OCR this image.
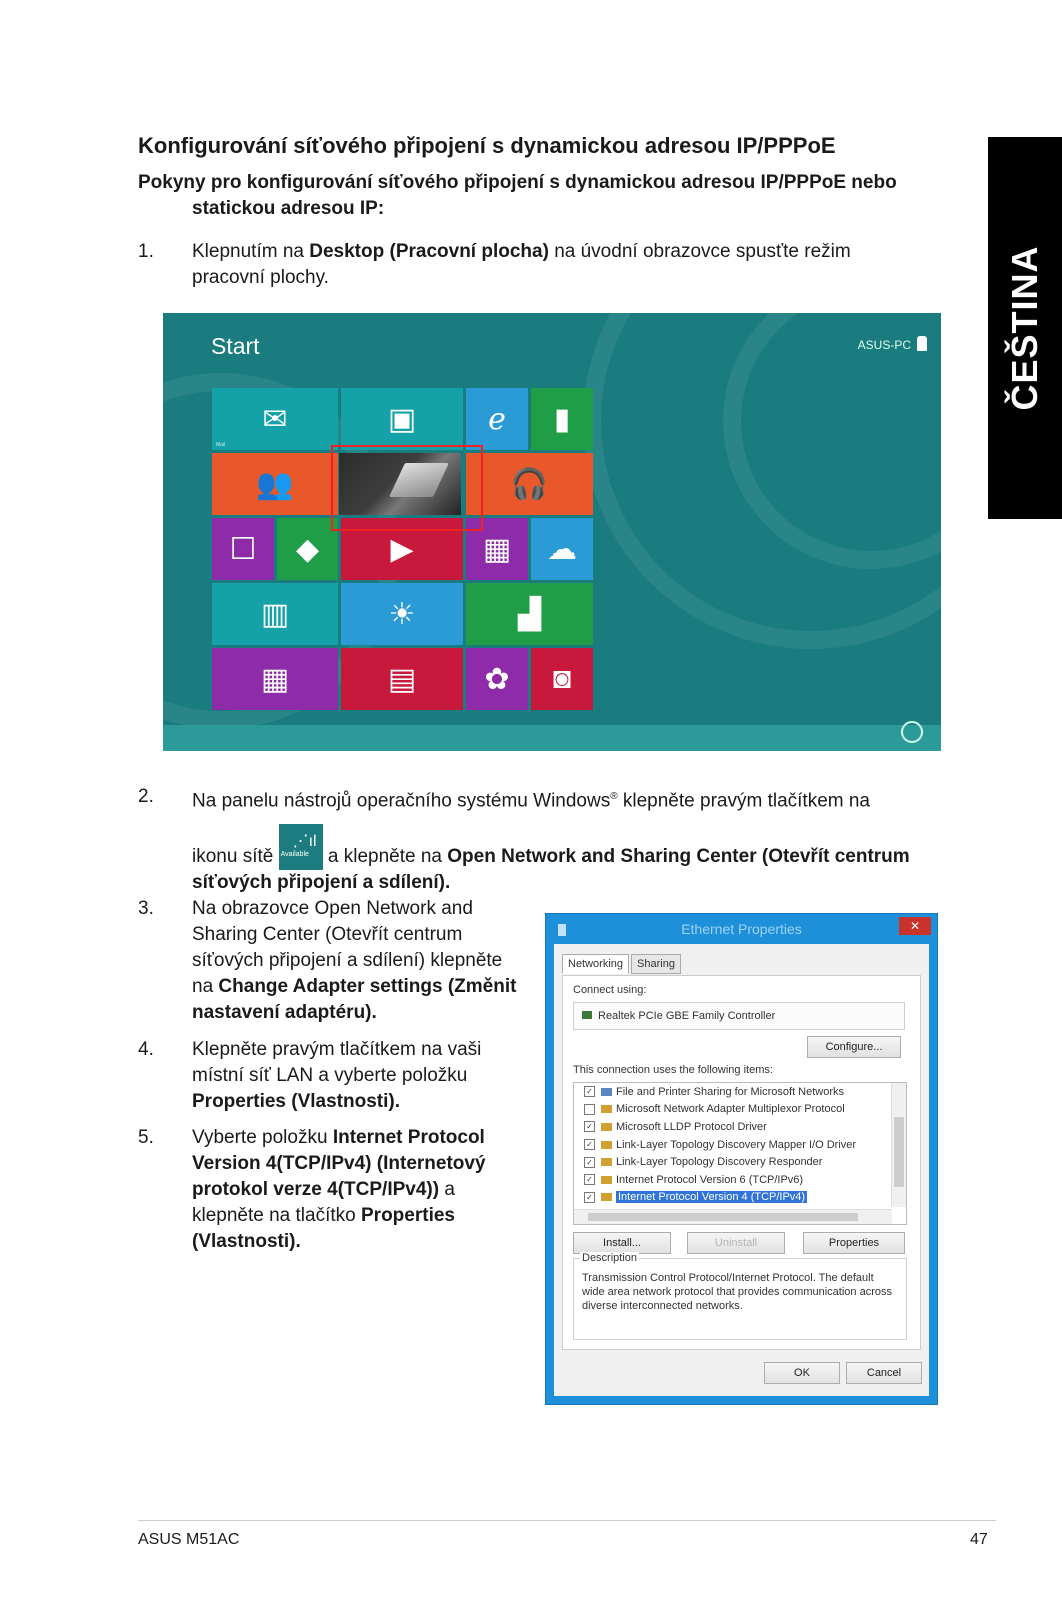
ČEŠTINA
Konfigurování síťového připojení s dynamickou adresou IP/PPPoE
Pokyny pro konfigurování síťového připojení s dynamickou adresou IP/PPPoE nebo
statickou adresou IP:
1. Klepnutím na Desktop (Pracovní plocha) na úvodní obrazovce spusťte režim
pracovní plochy.
Start	ASUS-PC
✉
Mail
▣	e	▮
👥	🎧
☐	◆	▶	▦	☁
▥	☀	▟
▦	▤	✿	◙
2. Na panelu nástrojů operačního systému Windows® klepněte pravým tlačítkem na
ikonu sítě
⋰ıl
Available a klepněte na Open Network and Sharing Center (Otevřít centrum
síťových připojení a sdílení).
3. Na obrazovce Open Network and
Sharing Center (Otevřít centrum
síťových připojení a sdílení) klepněte
na Change Adapter settings (Změnit
nastavení adaptéru).
4. Klepněte pravým tlačítkem na vaši
místní síť LAN a vyberte položku
Properties (Vlastnosti).
5. Vyberte položku Internet Protocol
Version 4(TCP/IPv4) (Internetový
protokol verze 4(TCP/IPv4)) a
klepněte na tlačítko Properties
(Vlastnosti).
Ethernet Properties	✕
Networking	Sharing
Connect using:
Realtek PCIe GBE Family Controller
Configure...
This connection uses the following items:
✓ File and Printer Sharing for Microsoft Networks
Microsoft Network Adapter Multiplexor Protocol
✓ Microsoft LLDP Protocol Driver
✓ Link-Layer Topology Discovery Mapper I/O Driver
✓ Link-Layer Topology Discovery Responder
✓ Internet Protocol Version 6 (TCP/IPv6)
✓ Internet Protocol Version 4 (TCP/IPv4)
Install...	Uninstall	Properties
Description
Transmission Control Protocol/Internet Protocol. The default wide area network protocol that provides communication across diverse interconnected networks.
OK	Cancel
ASUS M51AC	47
